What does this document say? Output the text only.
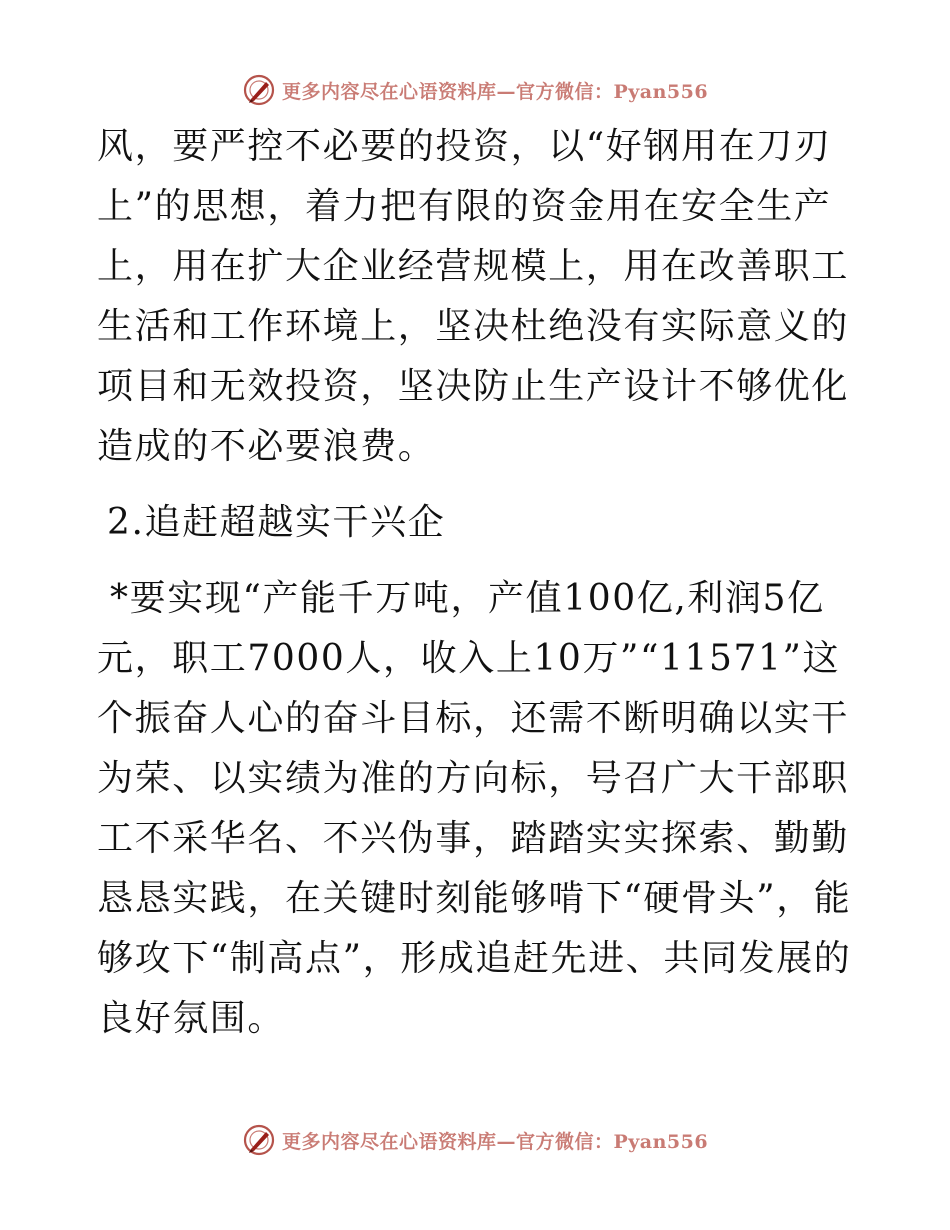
更多内容尽在心语资料库—官方微信：Pyan556

风，要严控不必要的投资，以“好钢用在刀刃
上”的思想，着力把有限的资金用在安全生产上，用在扩大企业经营规模上，用在改善职工生活和工作环境上，坚决杜绝没有实际意义的项目和无效投资，坚决防止生产设计不够优化造成的不必要浪费。

2.追赶超越实干兴企

*要实现“产能千万吨，产值100亿,利润5亿元，职工7000人，收入上10万”“11571”这个振奋人心的奋斗目标，还需不断明确以实干为荣、以实绩为准的方向标，号召广大干部职工不采华名、不兴伪事，踏踏实实探索、勤勤恳恳实践，在关键时刻能够啃下“硬骨头”，能够攻下“制高点”，形成追赶先进、共同发展的良好氛围。

更多内容尽在心语资料库—官方微信：Pyan556
